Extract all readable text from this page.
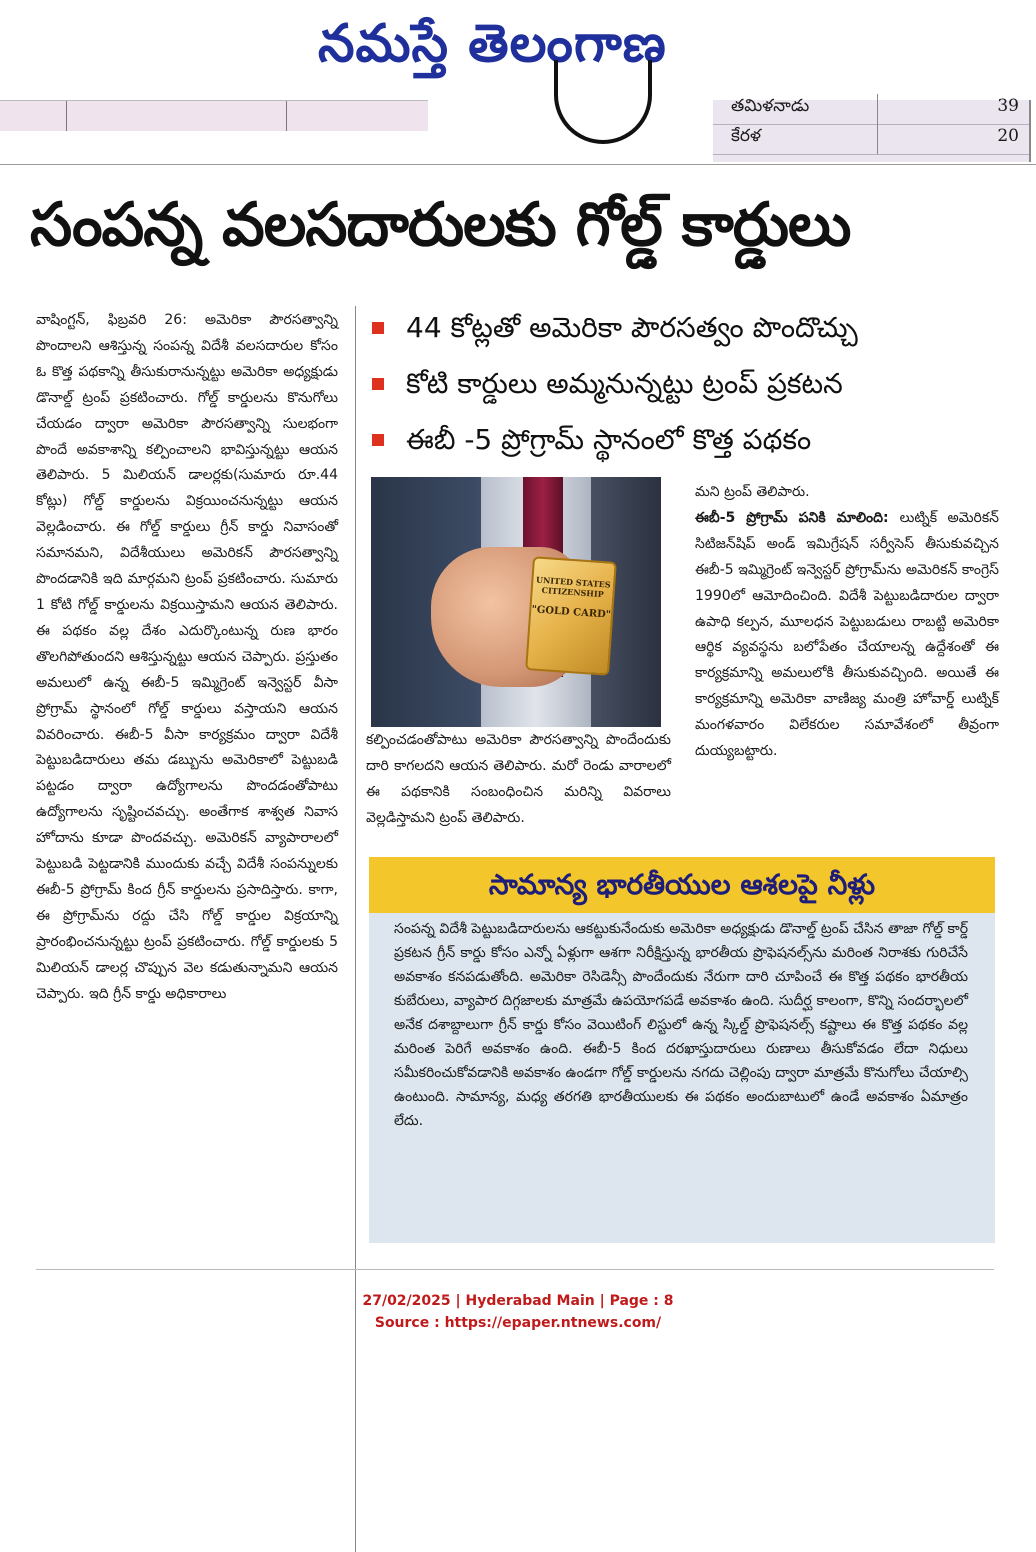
నమస్తే తెలంగాణ
తమిళనాడు	39
కేరళ	20
సంపన్న వలసదారులకు గోల్డ్‌ కార్డులు
వాషింగ్టన్‌, ఫిబ్రవరి 26: అమెరికా పౌరసత్వాన్ని పొందాలని ఆశిస్తున్న సంపన్న విదేశీ వలసదారుల కోసం ఓ కొత్త పథకాన్ని తీసుకురానున్నట్టు అమెరికా అధ్యక్షుడు డొనాల్డ్‌ ట్రంప్‌ ప్రకటించారు. గోల్డ్‌ కార్డులను కొనుగోలు చేయడం ద్వారా అమెరికా పౌరసత్వాన్ని సులభంగా పొందే అవకాశాన్ని కల్పించాలని భావిస్తున్నట్టు ఆయన తెలిపారు. 5 మిలియన్‌ డాలర్లకు(సుమారు రూ.44 కోట్లు) గోల్డ్‌ కార్డులను విక్రయించనున్నట్టు ఆయన వెల్లడించారు. ఈ గోల్డ్‌ కార్డులు గ్రీన్‌ కార్డు నివాసంతో సమానమని, విదేశీయులు అమెరికన్‌ పౌరసత్వాన్ని పొందడానికి ఇది మార్గమని ట్రంప్‌ ప్రకటించారు. సుమారు 1 కోటి గోల్డ్‌ కార్డులను విక్రయిస్తామని ఆయన తెలిపారు. ఈ పథకం వల్ల దేశం ఎదుర్కొంటున్న రుణ భారం తొలగిపోతుందని ఆశిస్తున్నట్టు ఆయన చెప్పారు. ప్రస్తుతం అమలులో ఉన్న ఈబీ-5 ఇమ్మిగ్రెంట్‌ ఇన్వెస్టర్‌ వీసా ప్రోగ్రామ్‌ స్థానంలో గోల్డ్‌ కార్డులు వస్తాయని ఆయన వివరించారు. ఈబీ-5 వీసా కార్యక్రమం ద్వారా విదేశీ పెట్టుబడిదారులు తమ డబ్బును అమెరికాలో పెట్టుబడి పట్టడం ద్వారా ఉద్యోగాలను పొందడంతోపాటు ఉద్యోగాలను సృష్టించవచ్చు. అంతేగాక శాశ్వత నివాస హోదాను కూడా పొందవచ్చు. అమెరికన్‌ వ్యాపారాలలో పెట్టుబడి పెట్టడానికి ముందుకు వచ్చే విదేశీ సంపన్నులకు ఈబీ-5 ప్రోగ్రామ్‌ కింద గ్రీన్‌ కార్డులను ప్రసాదిస్తారు. కాగా, ఈ ప్రోగ్రామ్‌ను రద్దు చేసి గోల్డ్‌ కార్డుల విక్రయాన్ని ప్రారంభించనున్నట్టు ట్రంప్‌ ప్రకటించారు. గోల్డ్‌ కార్డులకు 5 మిలియన్‌ డాలర్ల చొప్పున వెల కడుతున్నామని ఆయన చెప్పారు. ఇది గ్రీన్‌ కార్డు అధికారాలు
44 కోట్లతో అమెరికా పౌరసత్వం పొందొచ్చు
కోటి కార్డులు అమ్మనున్నట్టు ట్రంప్‌ ప్రకటన
ఈబీ -5 ప్రోగ్రామ్‌ స్థానంలో కొత్త పథకం
UNITED STATES CITIZENSHIP
"GOLD CARD"
కల్పించడంతోపాటు అమెరికా పౌరసత్వాన్ని పొందేందుకు దారి కాగలదని ఆయన తెలిపారు. మరో రెండు వారాలలో ఈ పథకానికి సంబంధించిన మరిన్ని వివరాలు వెల్లడిస్తామని ట్రంప్‌ తెలిపారు.
మని ట్రంప్‌ తెలిపారు.
ఈబీ-5 ప్రోగ్రామ్‌ పనికి మాలింది: లుట్నిక్‌ అమెరికన్‌ సిటిజన్‌షిప్‌ అండ్‌ ఇమిగ్రేషన్‌ సర్వీసెస్‌ తీసుకువచ్చిన ఈబీ-5 ఇమ్మిగ్రెంట్‌ ఇన్వెస్టర్‌ ప్రోగ్రామ్‌ను అమెరికన్‌ కాంగ్రెస్‌ 1990లో ఆమోదించింది. విదేశీ పెట్టుబడిదారుల ద్వారా ఉపాధి కల్పన, మూలధన పెట్టుబడులు రాబట్టి అమెరికా ఆర్థిక వ్యవస్థను బలోపేతం చేయాలన్న ఉద్దేశంతో ఈ కార్యక్రమాన్ని అమలులోకి తీసుకువచ్చింది. అయితే ఈ కార్యక్రమాన్ని అమెరికా వాణిజ్య మంత్రి హోవార్డ్‌ లుట్నిక్‌ మంగళవారం విలేకరుల సమావేశంలో తీవ్రంగా దుయ్యబట్టారు.
సామాన్య భారతీయుల ఆశలపై నీళ్లు
సంపన్న విదేశీ పెట్టుబడిదారులను ఆకట్టుకునేందుకు అమెరికా అధ్యక్షుడు డొనాల్డ్‌ ట్రంప్‌ చేసిన తాజా గోల్డ్‌ కార్డ్‌ ప్రకటన గ్రీన్‌ కార్డు కోసం ఎన్నో ఏళ్లుగా ఆశగా నిరీక్షిస్తున్న భారతీయ ప్రొఫెషనల్స్‌ను మరింత నిరాశకు గురిచేసే అవకాశం కనపడుతోంది. అమెరికా రెసిడెన్సీ పొందేందుకు నేరుగా దారి చూపించే ఈ కొత్త పథకం భారతీయ కుబేరులు, వ్యాపార దిగ్గజాలకు మాత్రమే ఉపయోగపడే అవకాశం ఉంది. సుదీర్ఘ కాలంగా, కొన్ని సందర్భాలలో అనేక దశాబ్దాలుగా గ్రీన్‌ కార్డు కోసం వెయిటింగ్‌ లిస్టులో ఉన్న స్కిల్డ్‌ ప్రొఫెషనల్స్‌ కష్టాలు ఈ కొత్త పథకం వల్ల మరింత పెరిగే అవకాశం ఉంది. ఈబీ-5 కింద దరఖాస్తుదారులు రుణాలు తీసుకోవడం లేదా నిధులు సమీకరించుకోవడానికి అవకాశం ఉండగా గోల్డ్‌ కార్డులను నగదు చెల్లింపు ద్వారా మాత్రమే కొనుగోలు చేయాల్సి ఉంటుంది. సామాన్య, మధ్య తరగతి భారతీయులకు ఈ పథకం అందుబాటులో ఉండే అవకాశం ఏమాత్రం లేదు.
27/02/2025 | Hyderabad Main | Page : 8
Source : https://epaper.ntnews.com/
